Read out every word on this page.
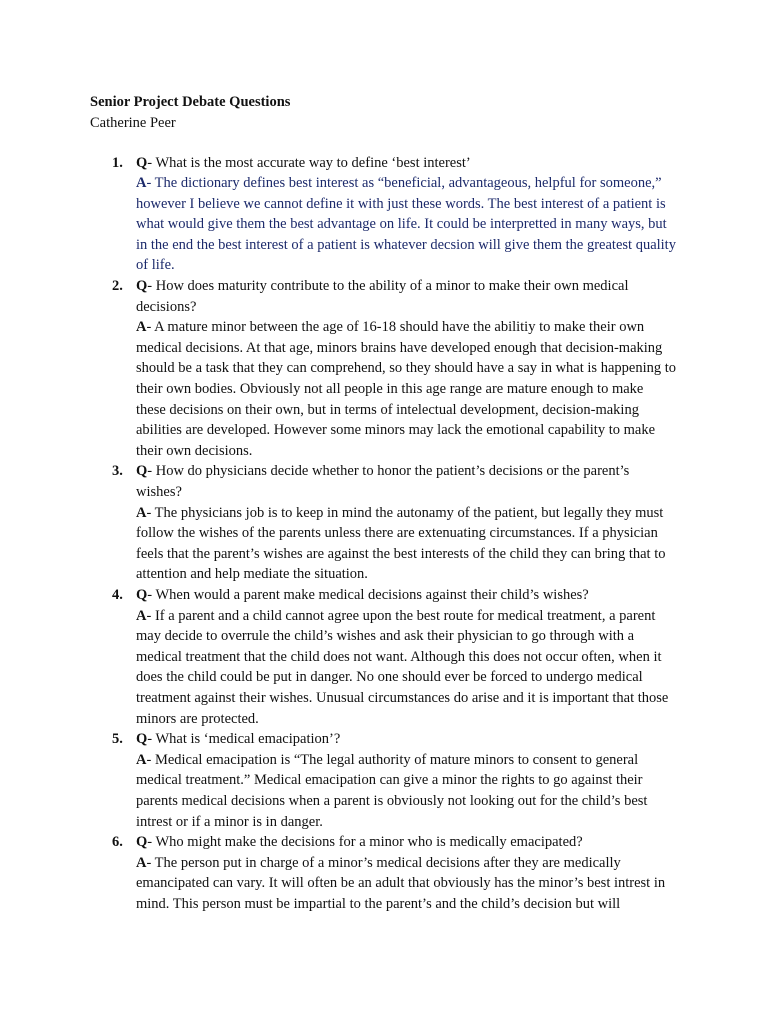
Senior Project Debate Questions
Catherine Peer
1. Q- What is the most accurate way to define ‘best interest’

A- The dictionary defines best interest as “beneficial, advantageous, helpful for someone,” however I believe we cannot define it with just these words. The best interest of a patient is what would give them the best advantage on life. It could be interpretted in many ways, but in the end the best interest of a patient is whatever decsion will give them the greatest quality of life.

2. Q- How does maturity contribute to the ability of a minor to make their own medical decisions?

A- A mature minor between the age of 16-18 should have the abilitiy to make their own medical decisions. At that age, minors brains have developed enough that decision-making should be a task that they can comprehend, so they should have a say in what is happening to their own bodies. Obviously not all people in this age range are mature enough to make these decisions on their own, but in terms of intelectual development, decision-making abilities are developed. However some minors may lack the emotional capability to make their own decisions.

3. Q- How do physicians decide whether to honor the patient’s decisions or the parent’s wishes?

A- The physicians job is to keep in mind the autonamy of the patient, but legally they must follow the wishes of the parents unless there are extenuating circumstances. If a physician feels that the parent’s wishes are against the best interests of the child they can bring that to attention and help mediate the situation.

4. Q- When would a parent make medical decisions against their child’s wishes?

A- If a parent and a child cannot agree upon the best route for medical treatment, a parent may decide to overrule the child’s wishes and ask their physician to go through with a medical treatment that the child does not want. Although this does not occur often, when it does the child could be put in danger. No one should ever be forced to undergo medical treatment against their wishes. Unusual circumstances do arise and it is important that those minors are protected.

5. Q- What is ‘medical emacipation’?

A- Medical emacipation is “The legal authority of mature minors to consent to general medical treatment.” Medical emacipation can give a minor the rights to go against their parents medical decisions when a parent is obviously not looking out for the child’s best intrest or if a minor is in danger.

6. Q- Who might make the decisions for a minor who is medically emacipated?

A- The person put in charge of a minor’s medical decisions after they are medically emancipated can vary. It will often be an adult that obviously has the minor’s best intrest in mind. This person must be impartial to the parent’s and the child’s decision but will
